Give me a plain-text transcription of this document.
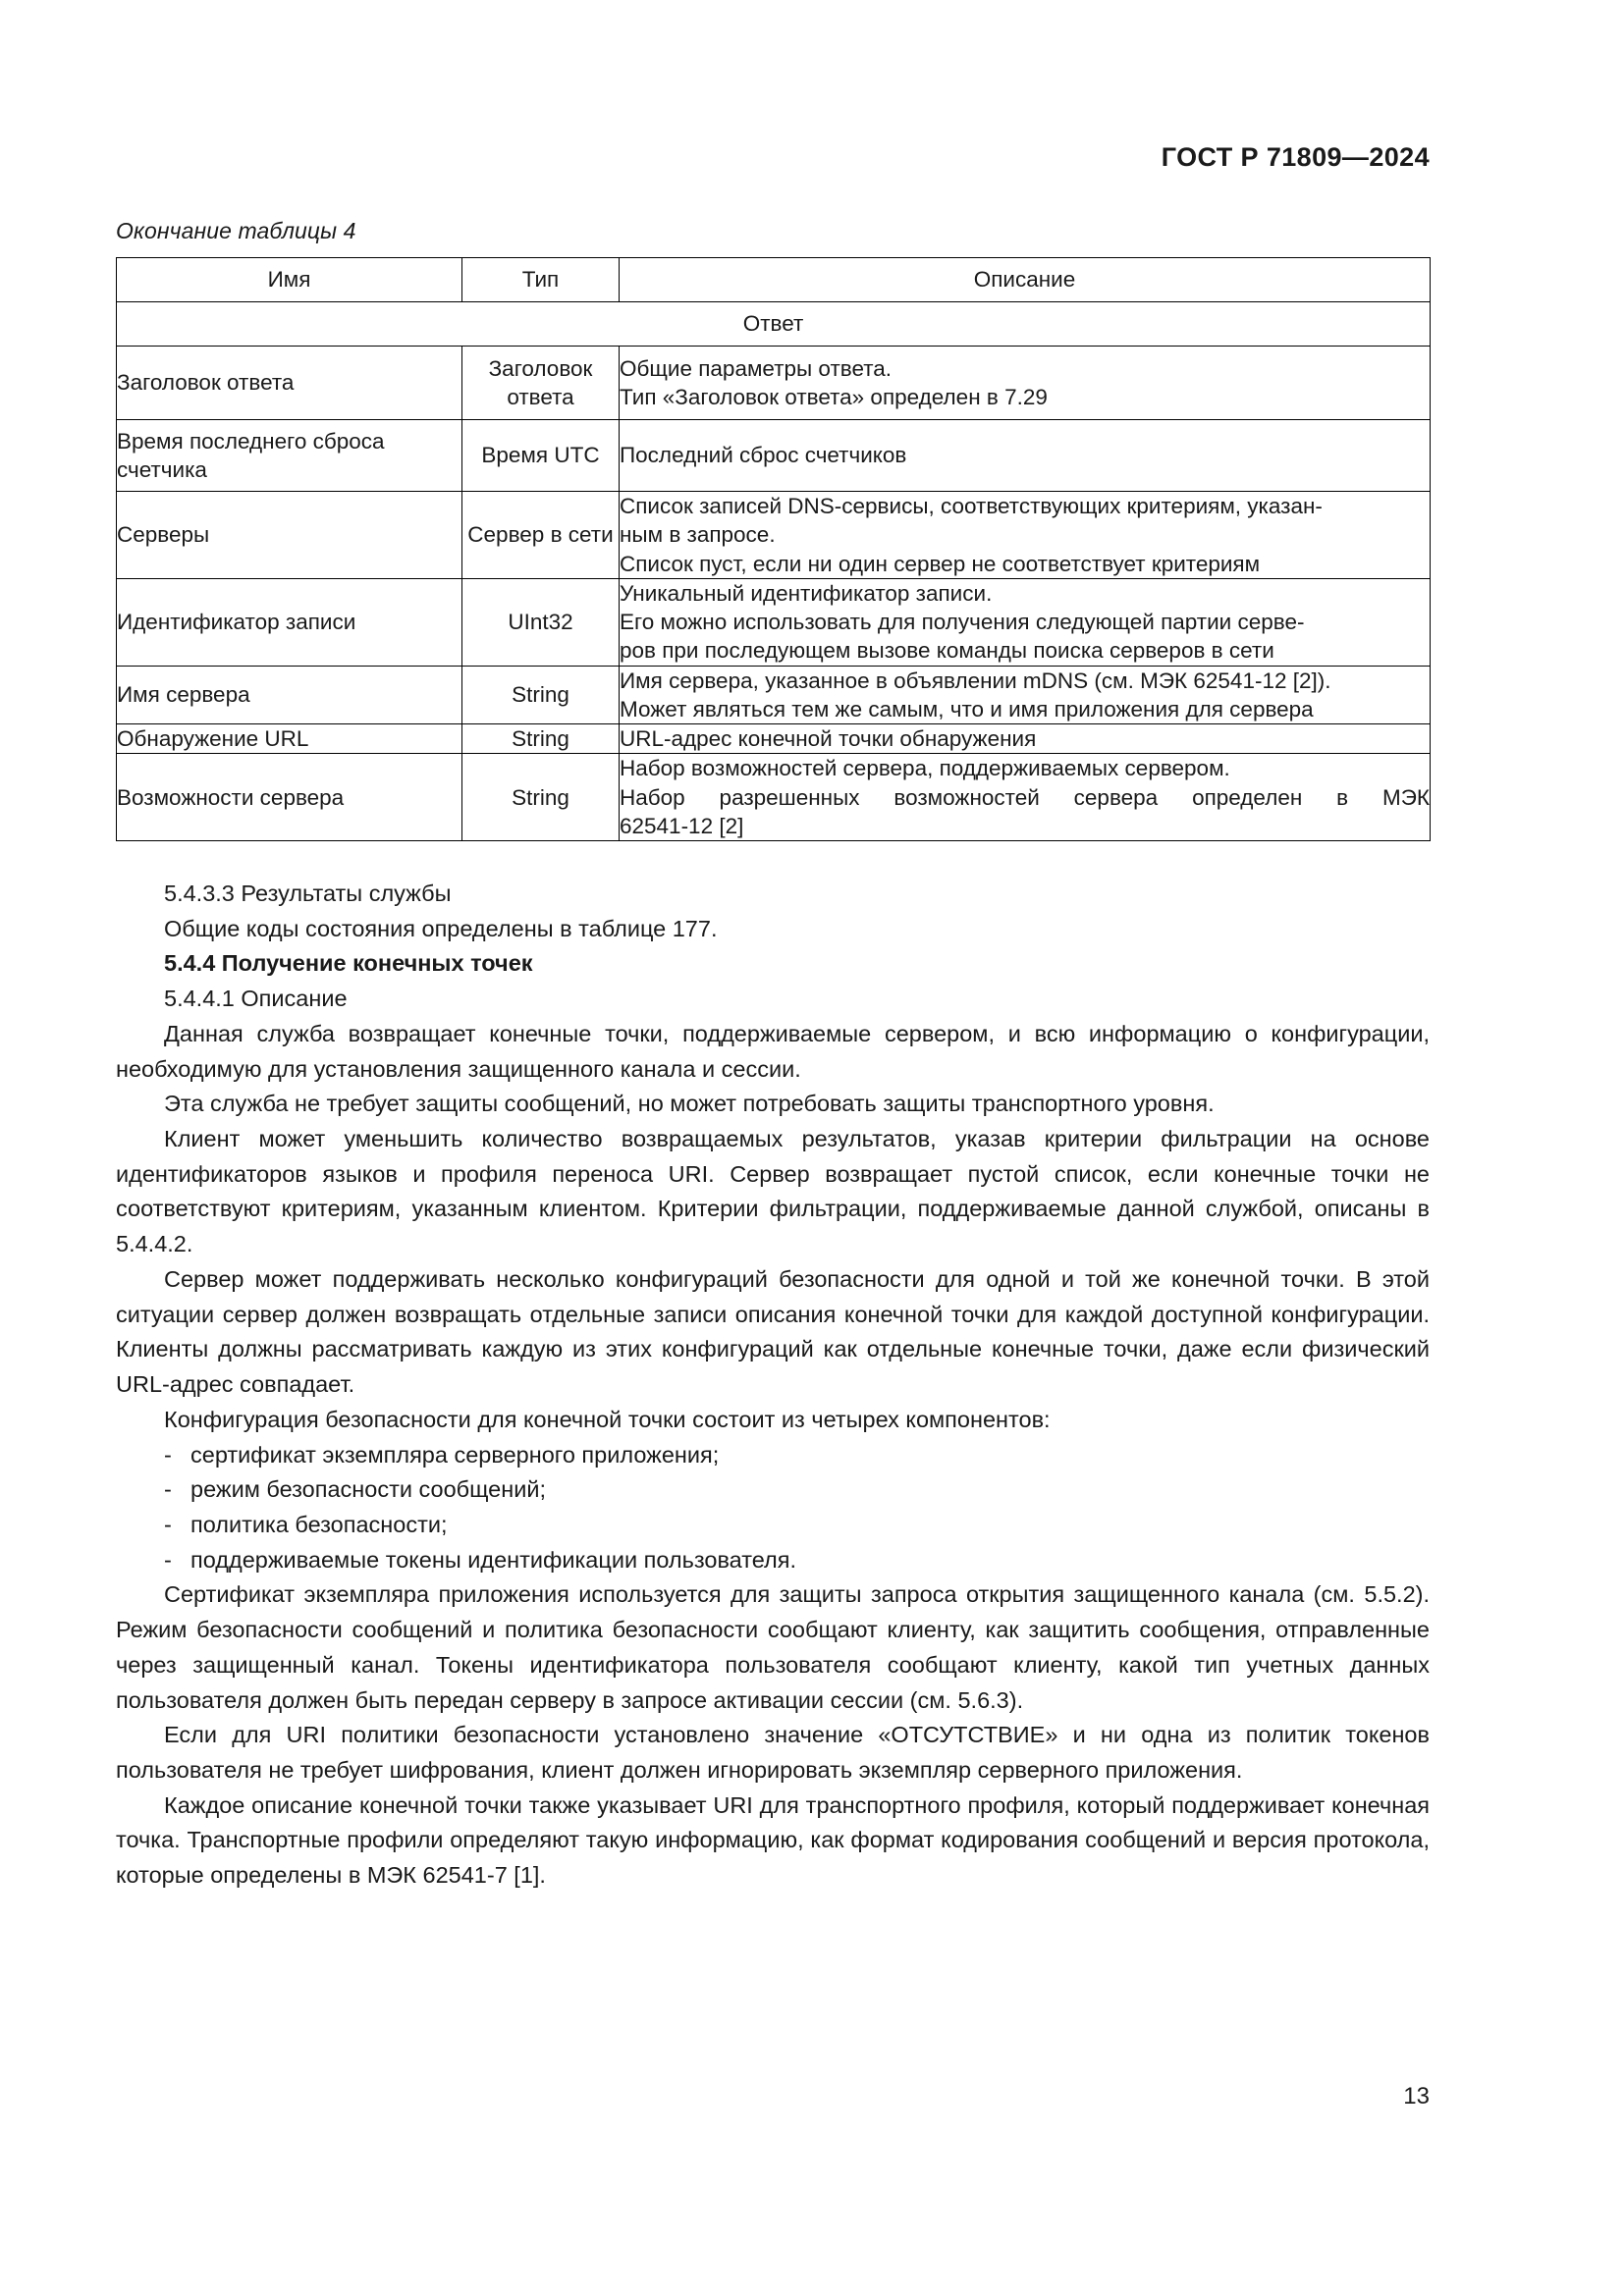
ГОСТ Р 71809—2024
Окончание таблицы 4
Имя	Тип	Описание
Ответ		
Заголовок ответа	Заголовок ответа	Общие параметры ответа.
Тип «Заголовок ответа» определен в 7.29

Время последнего сброса счетчика	Время UTC	Последний сброс счетчиков

Серверы	Сервер в сети	Список записей DNS-сервисы, соответствующих критериям, указан-
ным в запросе.
Список пуст, если ни один сервер не соответствует критериям

Идентификатор записи	UInt32	Уникальный идентификатор записи.
Его можно использовать для получения следующей партии серве-
ров при последующем вызове команды поиска серверов в сети

Имя сервера	String	Имя сервера, указанное в объявлении mDNS (см. МЭК 62541-12 [2]).
Может являться тем же самым, что и имя приложения для сервера

Обнаружение URL	String	URL-адрес конечной точки обнаружения

Возможности сервера	String	Набор возможностей сервера, поддерживаемых сервером.
Набор разрешенных возможностей сервера определен в МЭК
62541-12 [2]

5.4.3.3 Результаты службы

Общие коды состояния определены в таблице 177.

5.4.4 Получение конечных точек

5.4.4.1 Описание

Данная служба возвращает конечные точки, поддерживаемые сервером, и всю информацию о конфигурации, необходимую для установления защищенного канала и сессии.

Эта служба не требует защиты сообщений, но может потребовать защиты транспортного уровня.

Клиент может уменьшить количество возвращаемых результатов, указав критерии фильтрации на основе идентификаторов языков и профиля переноса URI. Сервер возвращает пустой список, если конечные точки не соответствуют критериям, указанным клиентом. Критерии фильтрации, поддерживаемые данной службой, описаны в 5.4.4.2.

Сервер может поддерживать несколько конфигураций безопасности для одной и той же конечной точки. В этой ситуации сервер должен возвращать отдельные записи описания конечной точки для каждой доступной конфигурации. Клиенты должны рассматривать каждую из этих конфигураций как отдельные конечные точки, даже если физический URL-адрес совпадает.

Конфигурация безопасности для конечной точки состоит из четырех компонентов:

- сертификат экземпляра серверного приложения;
- режим безопасности сообщений;
- политика безопасности;
- поддерживаемые токены идентификации пользователя.

Сертификат экземпляра приложения используется для защиты запроса открытия защищенного канала (см. 5.5.2). Режим безопасности сообщений и политика безопасности сообщают клиенту, как защитить сообщения, отправленные через защищенный канал. Токены идентификатора пользователя сообщают клиенту, какой тип учетных данных пользователя должен быть передан серверу в запросе активации сессии (см. 5.6.3).

Если для URI политики безопасности установлено значение «ОТСУТСТВИЕ» и ни одна из политик токенов пользователя не требует шифрования, клиент должен игнорировать экземпляр серверного приложения.

Каждое описание конечной точки также указывает URI для транспортного профиля, который поддерживает конечная точка. Транспортные профили определяют такую информацию, как формат кодирования сообщений и версия протокола, которые определены в МЭК 62541-7 [1].

13
